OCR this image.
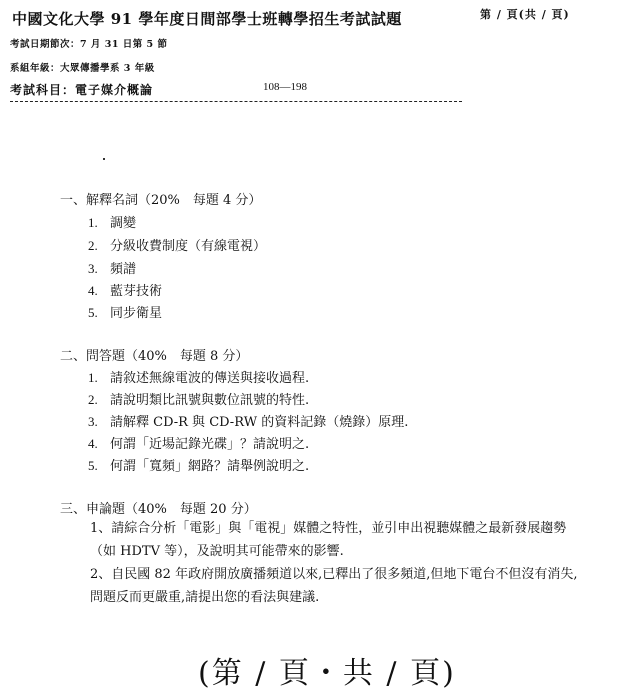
中國文化大學 91 學年度日間部學士班轉學招生考試試題	第 / 頁(共 / 頁)
考試日期節次：7 月 31 日第 5 節
系組年級：大眾傳播學系 3 年級
考試科目：電子媒介概論	108—198
一、解釋名詞（20%　每題 4 分）
1. 調變
2. 分級收費制度（有線電視）
3. 頻譜
4. 藍芽技術
5. 同步衛星
二、問答題（40%　每題 8 分）
1. 請敘述無線電波的傳送與接收過程.
2. 請說明類比訊號與數位訊號的特性.
3. 請解釋 CD-R 與 CD-RW 的資料記錄（燒錄）原理.
4. 何謂「近場記錄光碟」？請說明之.
5. 何謂「寬頻」網路？請舉例說明之.
三、申論題（40%　每題 20 分）
1、請綜合分析「電影」與「電視」媒體之特性，並引申出視聽媒體之最新發展趨勢（如 HDTV 等），及說明其可能帶來的影響.
2、自民國 82 年政府開放廣播頻道以來,已釋出了很多頻道,但地下電台不但沒有消失,問題反而更嚴重,請提出您的看法與建議.
(第 / 頁・共 / 頁)
